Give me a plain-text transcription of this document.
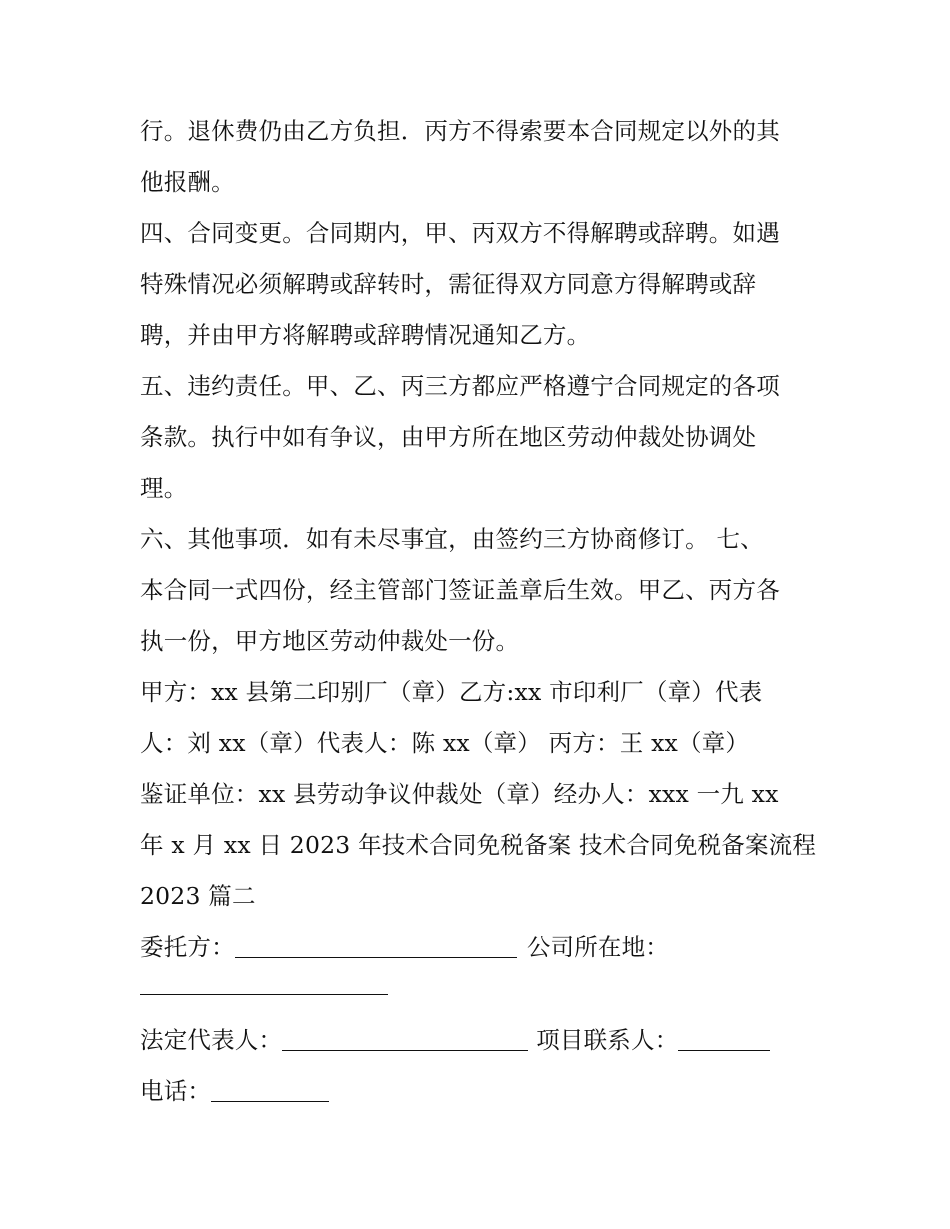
行。退休费仍由乙方负担．丙方不得索要本合同规定以外的其
他报酬。
四、合同变更。合同期内，甲、丙双方不得解聘或辞聘。如遇
特殊情况必须解聘或辞转时，需征得双方同意方得解聘或辞
聘，并由甲方将解聘或辞聘情况通知乙方。
五、违约责任。甲、乙、丙三方都应严格遵宁合同规定的各项
条款。执行中如有争议，由甲方所在地区劳动仲裁处协调处
理。
六、其他事项．如有未尽事宜，由签约三方协商修订。 七、
本合同一式四份，经主管部门签证盖章后生效。甲乙、丙方各
执一份，甲方地区劳动仲裁处一份。
甲方：xx 县第二印别厂（章）乙方:xx 市印利厂（章）代表
人：刘 xx（章）代表人：陈 xx（章） 丙方：王 xx（章）
鉴证单位：xx 县劳动争议仲裁处（章）经办人：xxx 一九 xx
年 x 月 xx 日 2023 年技术合同免税备案 技术合同免税备案流程
2023 篇二
委托方：	公司所在地：
法定代表人：	项目联系人：
电话：
